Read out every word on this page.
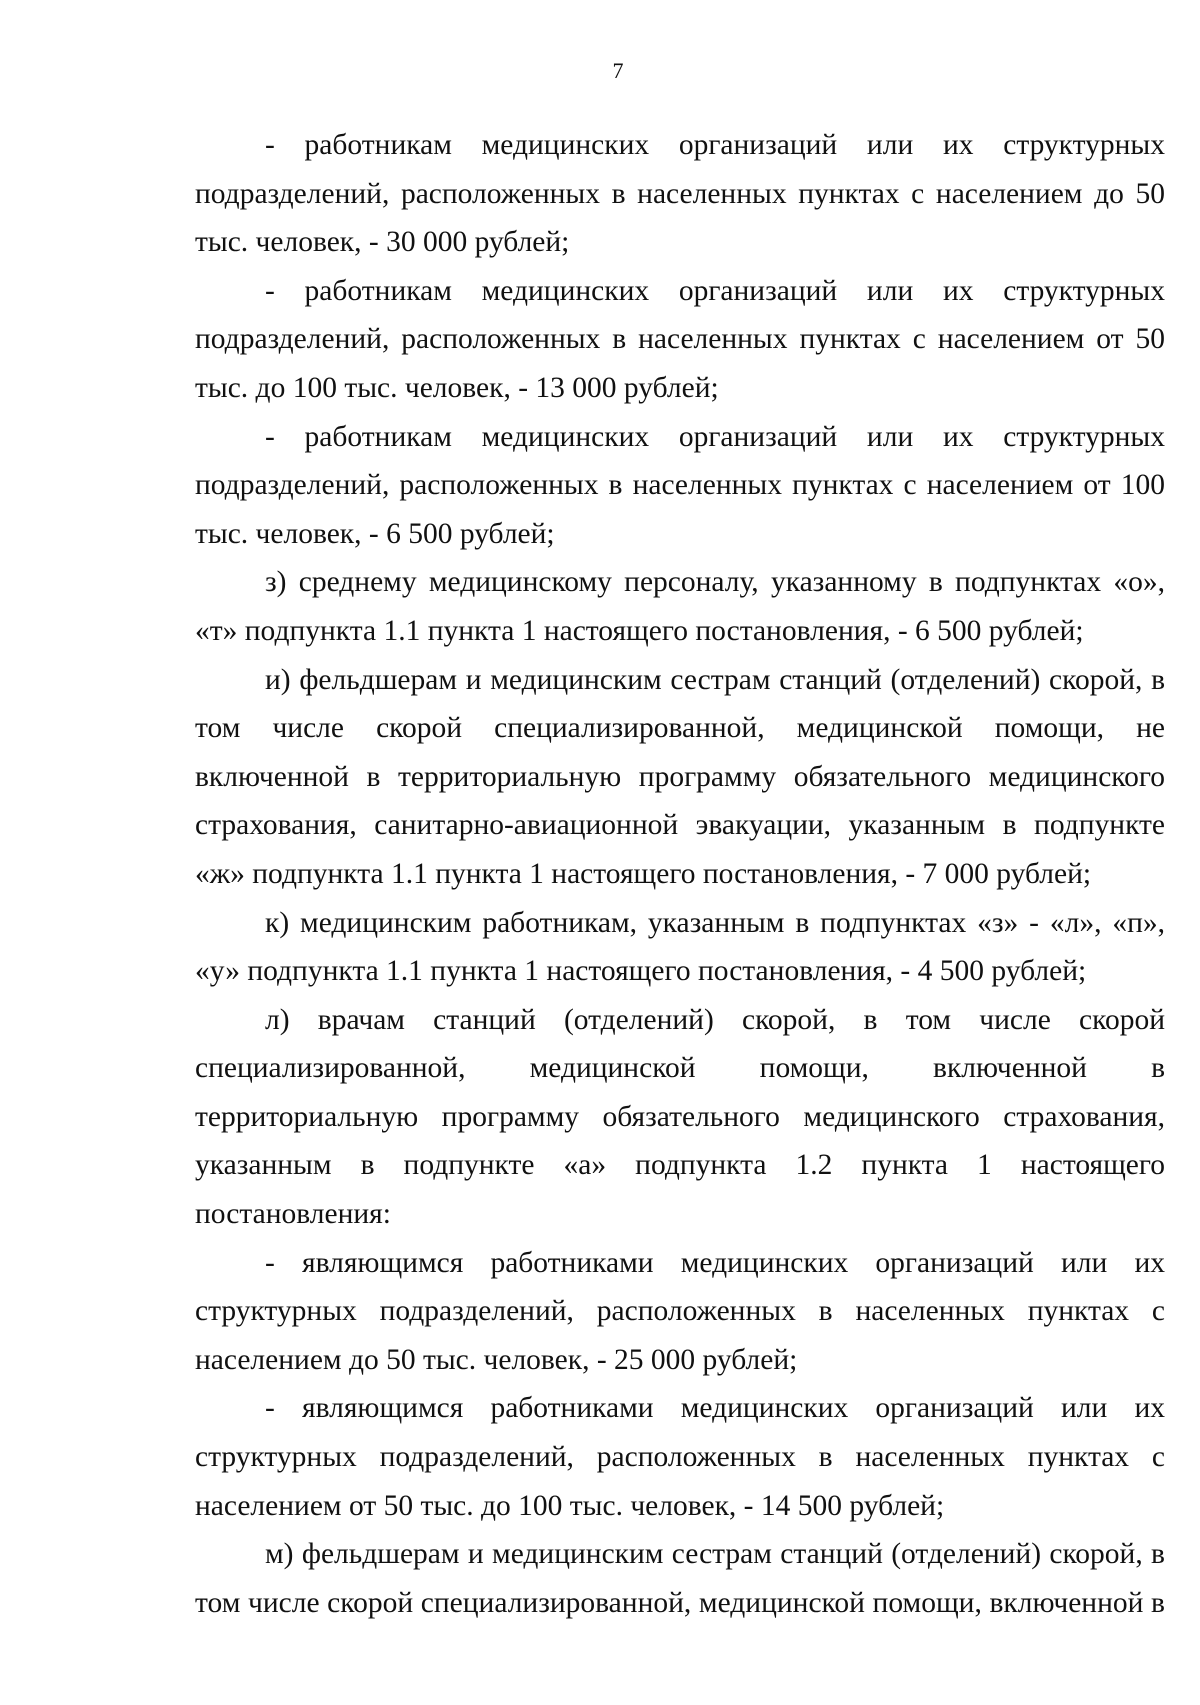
7

- работникам медицинских организаций или их структурных подразделений, расположенных в населенных пунктах с населением до 50 тыс. человек, - 30 000 рублей;

- работникам медицинских организаций или их структурных подразделений, расположенных в населенных пунктах с населением от 50 тыс. до 100 тыс. человек, - 13 000 рублей;

- работникам медицинских организаций или их структурных подразделений, расположенных в населенных пунктах с населением от 100 тыс. человек, - 6 500 рублей;

з) среднему медицинскому персоналу, указанному в подпунктах «о», «т» подпункта 1.1 пункта 1 настоящего постановления, - 6 500 рублей;

и) фельдшерам и медицинским сестрам станций (отделений) скорой, в том числе скорой специализированной, медицинской помощи, не включенной в территориальную программу обязательного медицинского страхования, санитарно-авиационной эвакуации, указанным в подпункте «ж» подпункта 1.1 пункта 1 настоящего постановления, - 7 000 рублей;

к) медицинским работникам, указанным в подпунктах «з» - «л», «п», «у» подпункта 1.1 пункта 1 настоящего постановления, - 4 500 рублей;

л) врачам станций (отделений) скорой, в том числе скорой специализированной, медицинской помощи, включенной в территориальную программу обязательного медицинского страхования, указанным в подпункте «а» подпункта 1.2 пункта 1 настоящего постановления:

- являющимся работниками медицинских организаций или их структурных подразделений, расположенных в населенных пунктах с населением до 50 тыс. человек, - 25 000 рублей;

- являющимся работниками медицинских организаций или их структурных подразделений, расположенных в населенных пунктах с населением от 50 тыс. до 100 тыс. человек, - 14 500 рублей;

м) фельдшерам и медицинским сестрам станций (отделений) скорой, в том числе скорой специализированной, медицинской помощи, включенной в
